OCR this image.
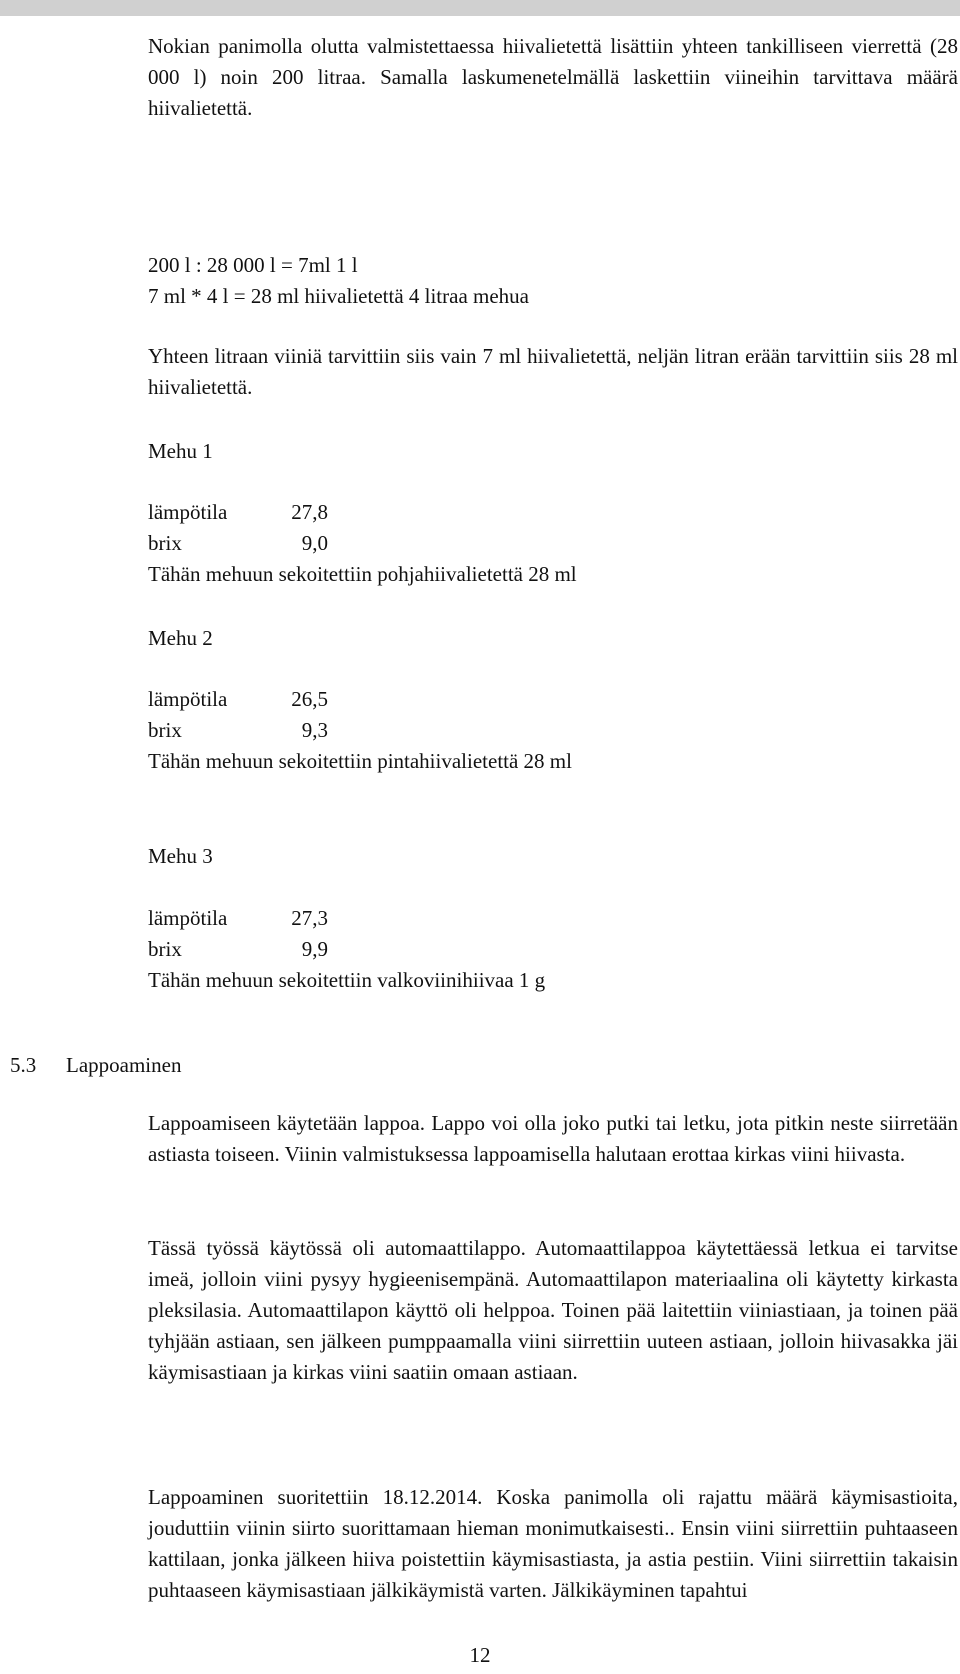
Nokian panimolla olutta valmistettaessa hiivalietettä lisättiin yhteen tankilliseen vierrettä (28 000 l) noin 200 litraa. Samalla laskumenetelmällä laskettiin viineihin tarvittava määrä hiivalietettä.

200 l : 28 000 l = 7ml 1 l
7 ml * 4 l = 28 ml hiivalietettä 4 litraa mehua

Yhteen litraan viiniä tarvittiin siis vain 7 ml hiivalietettä, neljän litran erään tarvittiin siis 28 ml hiivalietettä.

Mehu 1
lämpötila	27,8
brix	9,0
Tähän mehuun sekoitettiin pohjahiivalietettä 28 ml
Mehu 2
lämpötila	26,5
brix	9,3
Tähän mehuun sekoitettiin pintahiivalietettä 28 ml
Mehu 3
lämpötila	27,3
brix	9,9
Tähän mehuun sekoitettiin valkoviinihiivaa 1 g
5.3 Lappoaminen

Lappoamiseen käytetään lappoa. Lappo voi olla joko putki tai letku, jota pitkin neste siirretään astiasta toiseen. Viinin valmistuksessa lappoamisella halutaan erottaa kirkas viini hiivasta.

Tässä työssä käytössä oli automaattilappo. Automaattilappoa käytettäessä letkua ei tarvitse imeä, jolloin viini pysyy hygieenisempänä. Automaattilapon materiaalina oli käytetty kirkasta pleksilasia. Automaattilapon käyttö oli helppoa. Toinen pää laitettiin viiniastiaan, ja toinen pää tyhjään astiaan, sen jälkeen pumppaamalla viini siirrettiin uuteen astiaan, jolloin hiivasakka jäi käymisastiaan ja kirkas viini saatiin omaan astiaan.

Lappoaminen suoritettiin 18.12.2014. Koska panimolla oli rajattu määrä käymisastioita, jouduttiin viinin siirto suorittamaan hieman monimutkaisesti.. Ensin viini siirrettiin puhtaaseen kattilaan, jonka jälkeen hiiva poistettiin käymisastiasta, ja astia pestiin. Viini siirrettiin takaisin puhtaaseen käymisastiaan jälkikäymistä varten. Jälkikäyminen tapahtui

12
